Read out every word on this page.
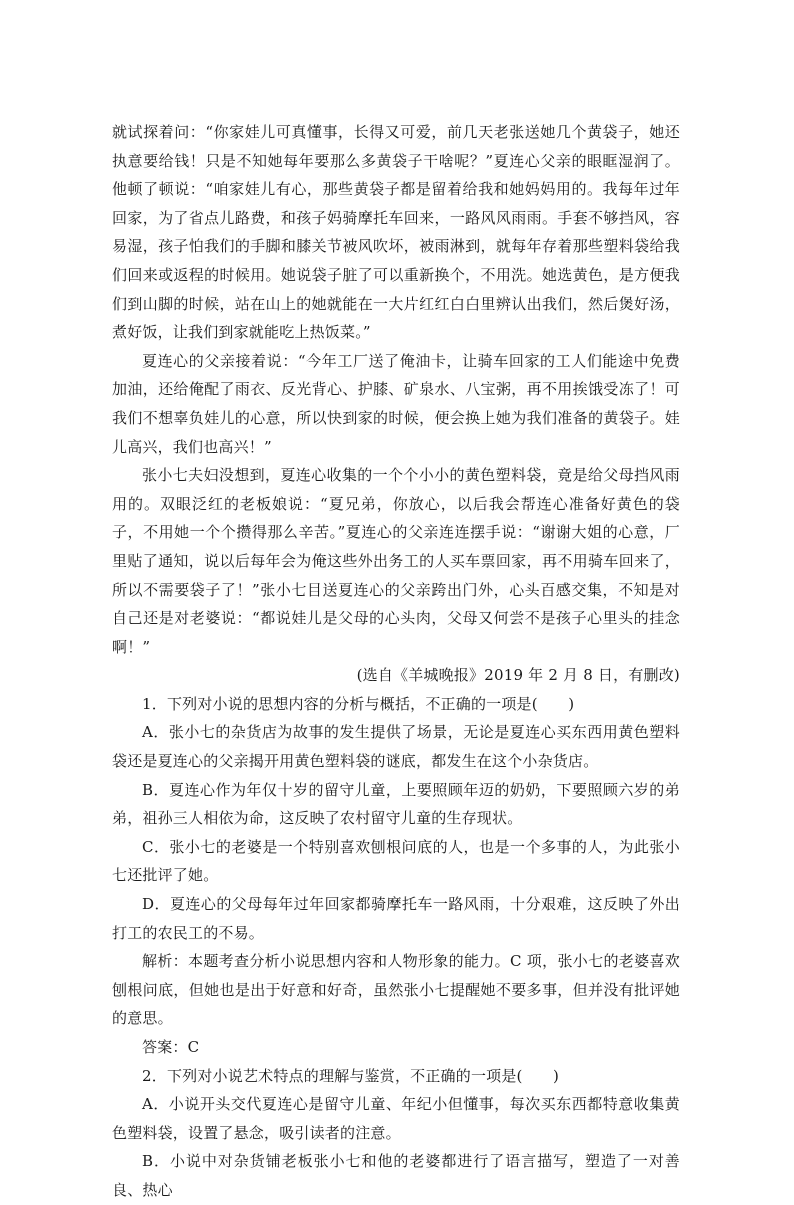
就试探着问：“你家娃儿可真懂事，长得又可爱，前几天老张送她几个黄袋子，她还执意要给钱！只是不知她每年要那么多黄袋子干啥呢？”夏连心父亲的眼眶湿润了。他顿了顿说：“咱家娃儿有心，那些黄袋子都是留着给我和她妈妈用的。我每年过年回家，为了省点儿路费，和孩子妈骑摩托车回来，一路风风雨雨。手套不够挡风，容易湿，孩子怕我们的手脚和膝关节被风吹坏，被雨淋到，就每年存着那些塑料袋给我们回来或返程的时候用。她说袋子脏了可以重新换个，不用洗。她选黄色，是方便我们到山脚的时候，站在山上的她就能在一大片红红白白里辨认出我们，然后煲好汤，煮好饭，让我们到家就能吃上热饭菜。”

夏连心的父亲接着说：“今年工厂送了俺油卡，让骑车回家的工人们能途中免费加油，还给俺配了雨衣、反光背心、护膝、矿泉水、八宝粥，再不用挨饿受冻了！可我们不想辜负娃儿的心意，所以快到家的时候，便会换上她为我们准备的黄袋子。娃儿高兴，我们也高兴！”

张小七夫妇没想到，夏连心收集的一个个小小的黄色塑料袋，竟是给父母挡风雨用的。双眼泛红的老板娘说：“夏兄弟，你放心，以后我会帮连心准备好黄色的袋子，不用她一个个攒得那么辛苦。”夏连心的父亲连连摆手说：“谢谢大姐的心意，厂里贴了通知，说以后每年会为俺这些外出务工的人买车票回家，再不用骑车回来了，所以不需要袋子了！”张小七目送夏连心的父亲跨出门外，心头百感交集，不知是对自己还是对老婆说：“都说娃儿是父母的心头肉，父母又何尝不是孩子心里头的挂念啊！”

(选自《羊城晚报》2019 年 2 月 8 日，有删改)

1．下列对小说的思想内容的分析与概括，不正确的一项是(　　)

A．张小七的杂货店为故事的发生提供了场景，无论是夏连心买东西用黄色塑料袋还是夏连心的父亲揭开用黄色塑料袋的谜底，都发生在这个小杂货店。

B．夏连心作为年仅十岁的留守儿童，上要照顾年迈的奶奶，下要照顾六岁的弟弟，祖孙三人相依为命，这反映了农村留守儿童的生存现状。

C．张小七的老婆是一个特别喜欢刨根问底的人，也是一个多事的人，为此张小七还批评了她。

D．夏连心的父母每年过年回家都骑摩托车一路风雨，十分艰难，这反映了外出打工的农民工的不易。

解析：本题考查分析小说思想内容和人物形象的能力。C 项，张小七的老婆喜欢刨根问底，但她也是出于好意和好奇，虽然张小七提醒她不要多事，但并没有批评她的意思。

答案：C

2．下列对小说艺术特点的理解与鉴赏，不正确的一项是(　　)

A．小说开头交代夏连心是留守儿童、年纪小但懂事，每次买东西都特意收集黄色塑料袋，设置了悬念，吸引读者的注意。

B．小说中对杂货铺老板张小七和他的老婆都进行了语言描写，塑造了一对善良、热心
